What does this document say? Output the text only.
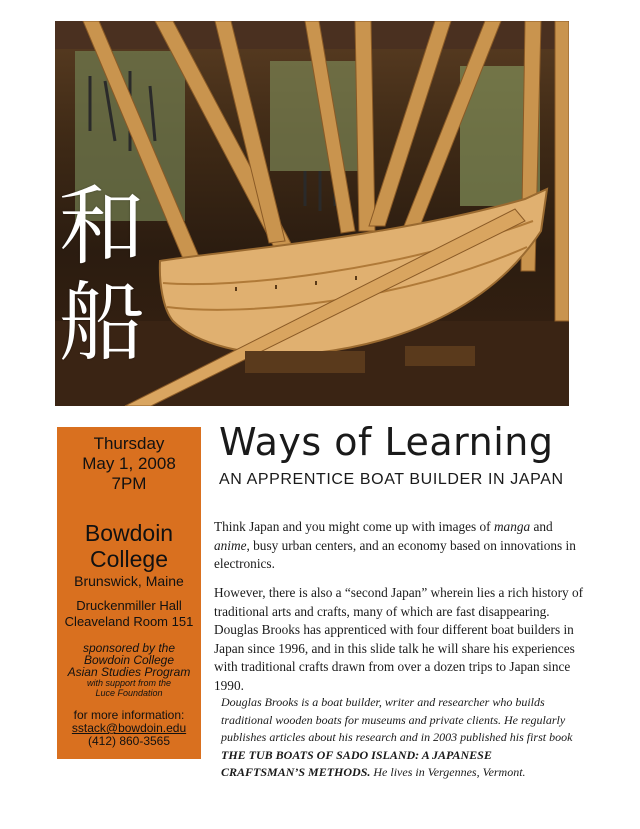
和
船
Thursday
May 1, 2008
7PM
Bowdoin
College
Brunswick, Maine
Druckenmiller Hall
Cleaveland Room 151
sponsored by the
Bowdoin College
Asian Studies Program
with support from the
Luce Foundation
for more information:
sstack@bowdoin.edu
(412) 860-3565
Ways of Learning
AN APPRENTICE BOAT BUILDER IN JAPAN
Think Japan and you might come up with images of manga and anime, busy urban centers, and an economy based on innovations in electronics.
However, there is also a “second Japan” wherein lies a rich history of traditional arts and crafts, many of which are fast disappearing. Douglas Brooks has apprenticed with four different boat builders in Japan since 1996, and in this slide talk he will share his experiences with traditional crafts drawn from over a dozen trips to Japan since 1990.
Douglas Brooks is a boat builder, writer and researcher who builds traditional wooden boats for museums and private clients. He regularly publishes articles about his research and in 2003 published his first book THE TUB BOATS OF SADO ISLAND: A JAPANESE CRAFTSMAN’S METHODS. He lives in Vergennes, Vermont.
